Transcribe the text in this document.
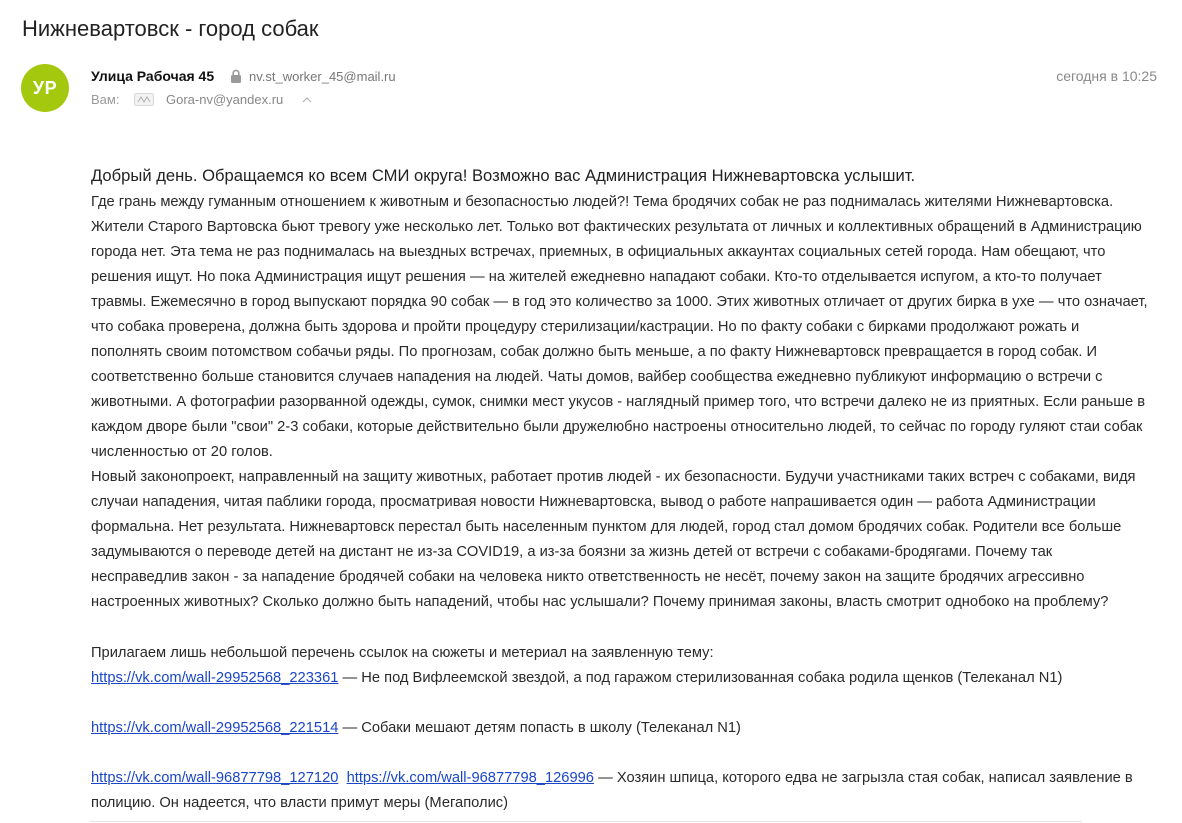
Нижневартовск - город собак
УР
Улица Рабочая 45	nv.st_worker_45@mail.ru	сегодня в 10:25
Вам:	Gora-nv@yandex.ru
Добрый день. Обращаемся ко всем СМИ округа! Возможно вас Администрация Нижневартовска услышит.
Где грань между гуманным отношением к животным и безопасностью людей?! Тема бродячих собак не раз поднималась жителями Нижневартовска. Жители Старого Вартовска бьют тревогу уже несколько лет. Только вот фактических результата от личных и коллективных обращений в Администрацию города нет. Эта тема не раз поднималась на выездных встречах, приемных, в официальных аккаунтах социальных сетей города. Нам обещают, что решения ищут. Но пока Администрация ищут решения — на жителей ежедневно нападают собаки. Кто-то отделывается испугом, а кто-то получает травмы. Ежемесячно в город выпускают порядка 90 собак — в год это количество за 1000. Этих животных отличает от других бирка в ухе — что означает, что собака проверена, должна быть здорова и пройти процедуру стерилизации/кастрации. Но по факту собаки с бирками продолжают рожать и пополнять своим потомством собачьи ряды. По прогнозам, собак должно быть меньше, а по факту Нижневартовск превращается в город собак. И соответственно больше становится случаев нападения на людей. Чаты домов, вайбер сообщества ежедневно публикуют информацию о встречи с животными. А фотографии разорванной одежды, сумок, снимки мест укусов - наглядный пример того, что встречи далеко не из приятных. Если раньше в каждом дворе были "свои" 2-3 собаки, которые действительно были дружелюбно настроены относительно людей, то сейчас по городу гуляют стаи собак численностью от 20 голов.
Новый законопроект, направленный на защиту животных, работает против людей - их безопасности. Будучи участниками таких встреч с собаками, видя случаи нападения, читая паблики города, просматривая новости Нижневартовска, вывод о работе напрашивается один — работа Администрации формальна. Нет результата. Нижневартовск перестал быть населенным пунктом для людей, город стал домом бродячих собак. Родители все больше задумываются о переводе детей на дистант не из-за COVID19, а из-за боязни за жизнь детей от встречи с собаками-бродягами. Почему так несправедлив закон - за нападение бродячей собаки на человека никто ответственность не несёт, почему закон на защите бродячих агрессивно настроенных животных? Сколько должно быть нападений, чтобы нас услышали? Почему принимая законы, власть смотрит однобоко на проблему?
Прилагаем лишь небольшой перечень ссылок на сюжеты и метериал на заявленную тему:
https://vk.com/wall-29952568_223361 — Не под Вифлеемской звездой, а под гаражом стерилизованная собака родила щенков (Телеканал N1)
https://vk.com/wall-29952568_221514 — Собаки мешают детям попасть в школу (Телеканал N1)
https://vk.com/wall-96877798_127120 https://vk.com/wall-96877798_126996 — Хозяин шпица, которого едва не загрызла стая собак, написал заявление в полицию. Он надеется, что власти примут меры (Мегаполис)
